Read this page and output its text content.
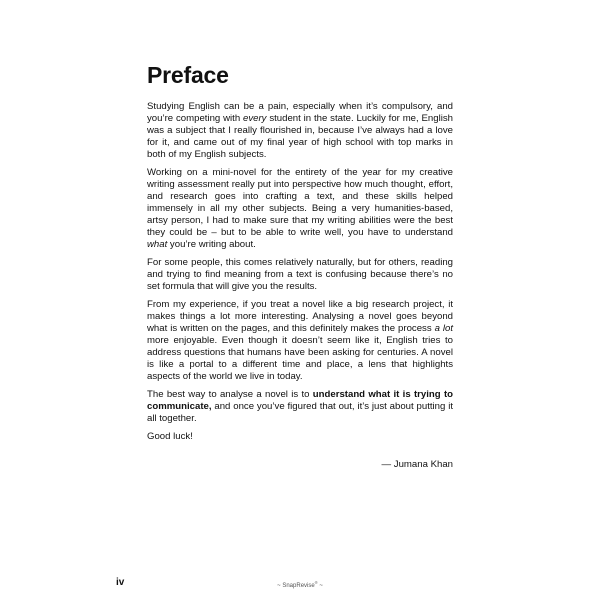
Preface

Studying English can be a pain, especially when it’s compulsory, and you’re competing with every student in the state. Luckily for me, English was a subject that I really flourished in, because I’ve always had a love for it, and came out of my final year of high school with top marks in both of my English subjects.

Working on a mini-novel for the entirety of the year for my creative writing assessment really put into perspective how much thought, effort, and research goes into crafting a text, and these skills helped immensely in all my other subjects. Being a very humanities-based, artsy person, I had to make sure that my writing abilities were the best they could be – but to be able to write well, you have to understand what you’re writing about.

For some people, this comes relatively naturally, but for others, reading and trying to find meaning from a text is confusing because there’s no set formula that will give you the results.

From my experience, if you treat a novel like a big research project, it makes things a lot more interesting. Analysing a novel goes beyond what is written on the pages, and this definitely makes the process a lot more enjoyable. Even though it doesn’t seem like it, English tries to address questions that humans have been asking for centuries. A novel is like a portal to a different time and place, a lens that highlights aspects of the world we live in today.

The best way to analyse a novel is to understand what it is trying to communicate, and once you’ve figured that out, it’s just about putting it all together.

Good luck!

— Jumana Khan

iv	~ SnapRevise® ~
